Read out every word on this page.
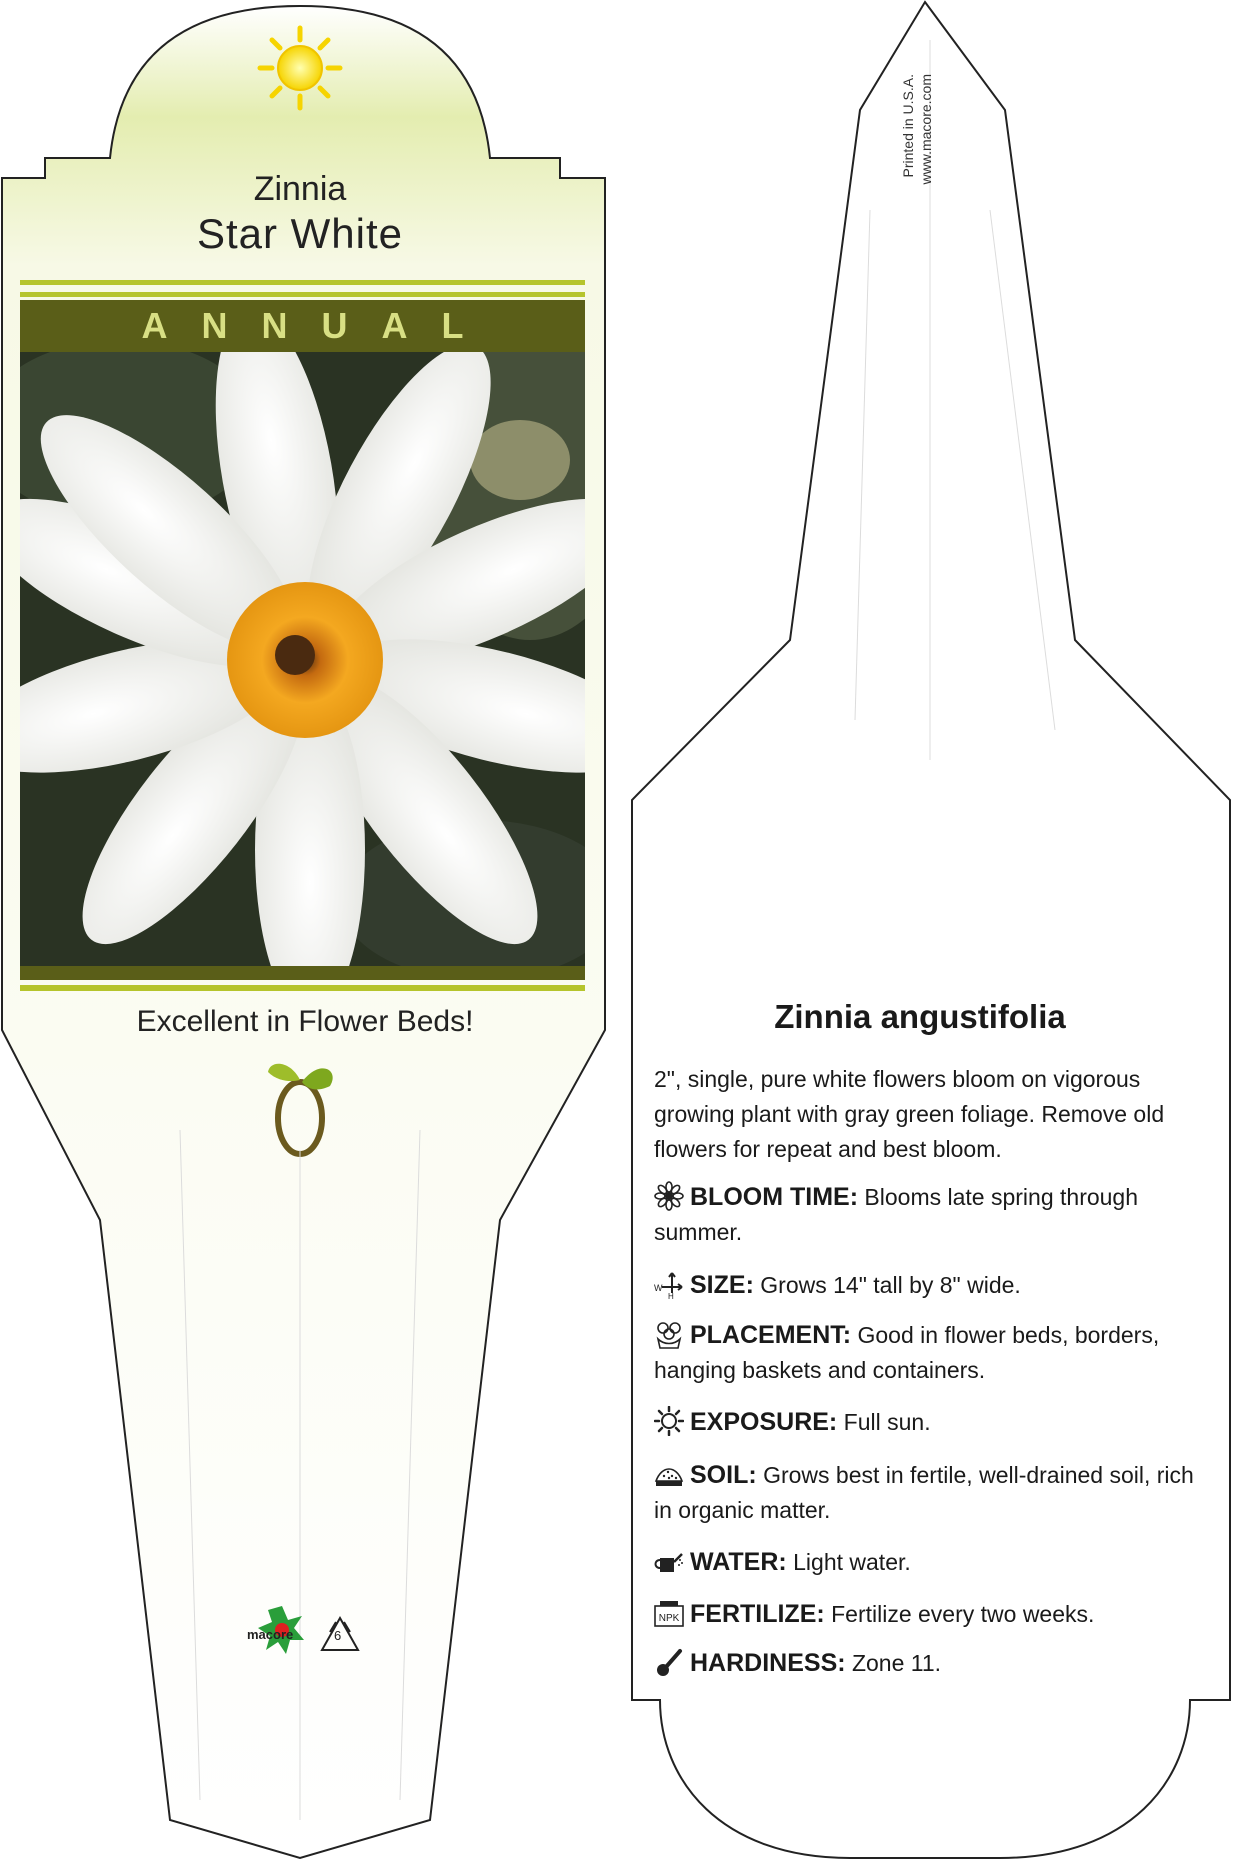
Zinnia
Star White
ANNUAL
Excellent in Flower Beds!
macore	6
Printed in U.S.A. www.macore.com
Zinnia angustifolia
2", single, pure white flowers bloom on vigorous growing plant with gray green foliage. Remove old flowers for repeat and best bloom.
BLOOM TIME: Blooms late spring through summer.
W
H SIZE: Grows 14" tall by 8" wide.
PLACEMENT: Good in flower beds, borders, hanging baskets and containers.
EXPOSURE: Full sun.
SOIL: Grows best in fertile, well-drained soil, rich in organic matter.
WATER: Light water.
NPK FERTILIZE: Fertilize every two weeks.
HARDINESS: Zone 11.
